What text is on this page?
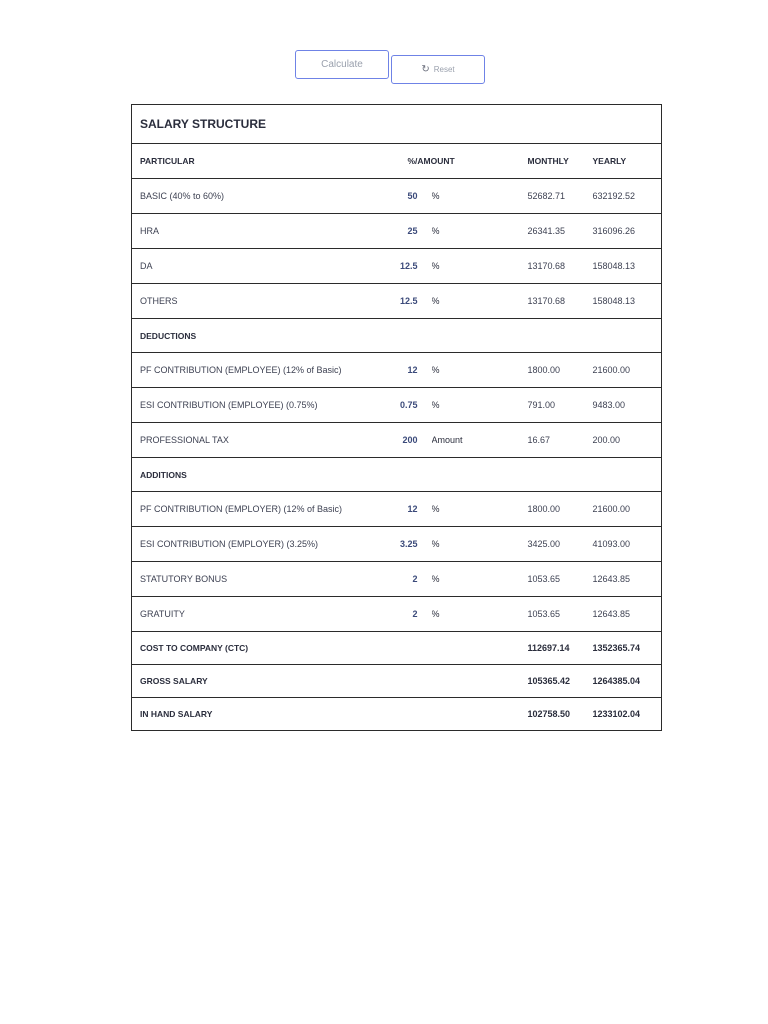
Calculate	↻ Reset
SALARY STRUCTURE				
PARTICULAR	%/AMOUNT		MONTHLY	YEARLY
BASIC (40% to 60%)	50	%	52682.71	632192.52
HRA	25	%	26341.35	316096.26
DA	12.5	%	13170.68	158048.13
OTHERS	12.5	%	13170.68	158048.13
DEDUCTIONS				
PF CONTRIBUTION (EMPLOYEE) (12% of Basic)	12	%	1800.00	21600.00
ESI CONTRIBUTION (EMPLOYEE) (0.75%)	0.75	%	791.00	9483.00
PROFESSIONAL TAX	200	Amount	16.67	200.00
ADDITIONS				
PF CONTRIBUTION (EMPLOYER) (12% of Basic)	12	%	1800.00	21600.00
ESI CONTRIBUTION (EMPLOYER) (3.25%)	3.25	%	3425.00	41093.00
STATUTORY BONUS	2	%	1053.65	12643.85
GRATUITY	2	%	1053.65	12643.85
COST TO COMPANY (CTC)			112697.14	1352365.74
GROSS SALARY			105365.42	1264385.04
IN HAND SALARY			102758.50	1233102.04
